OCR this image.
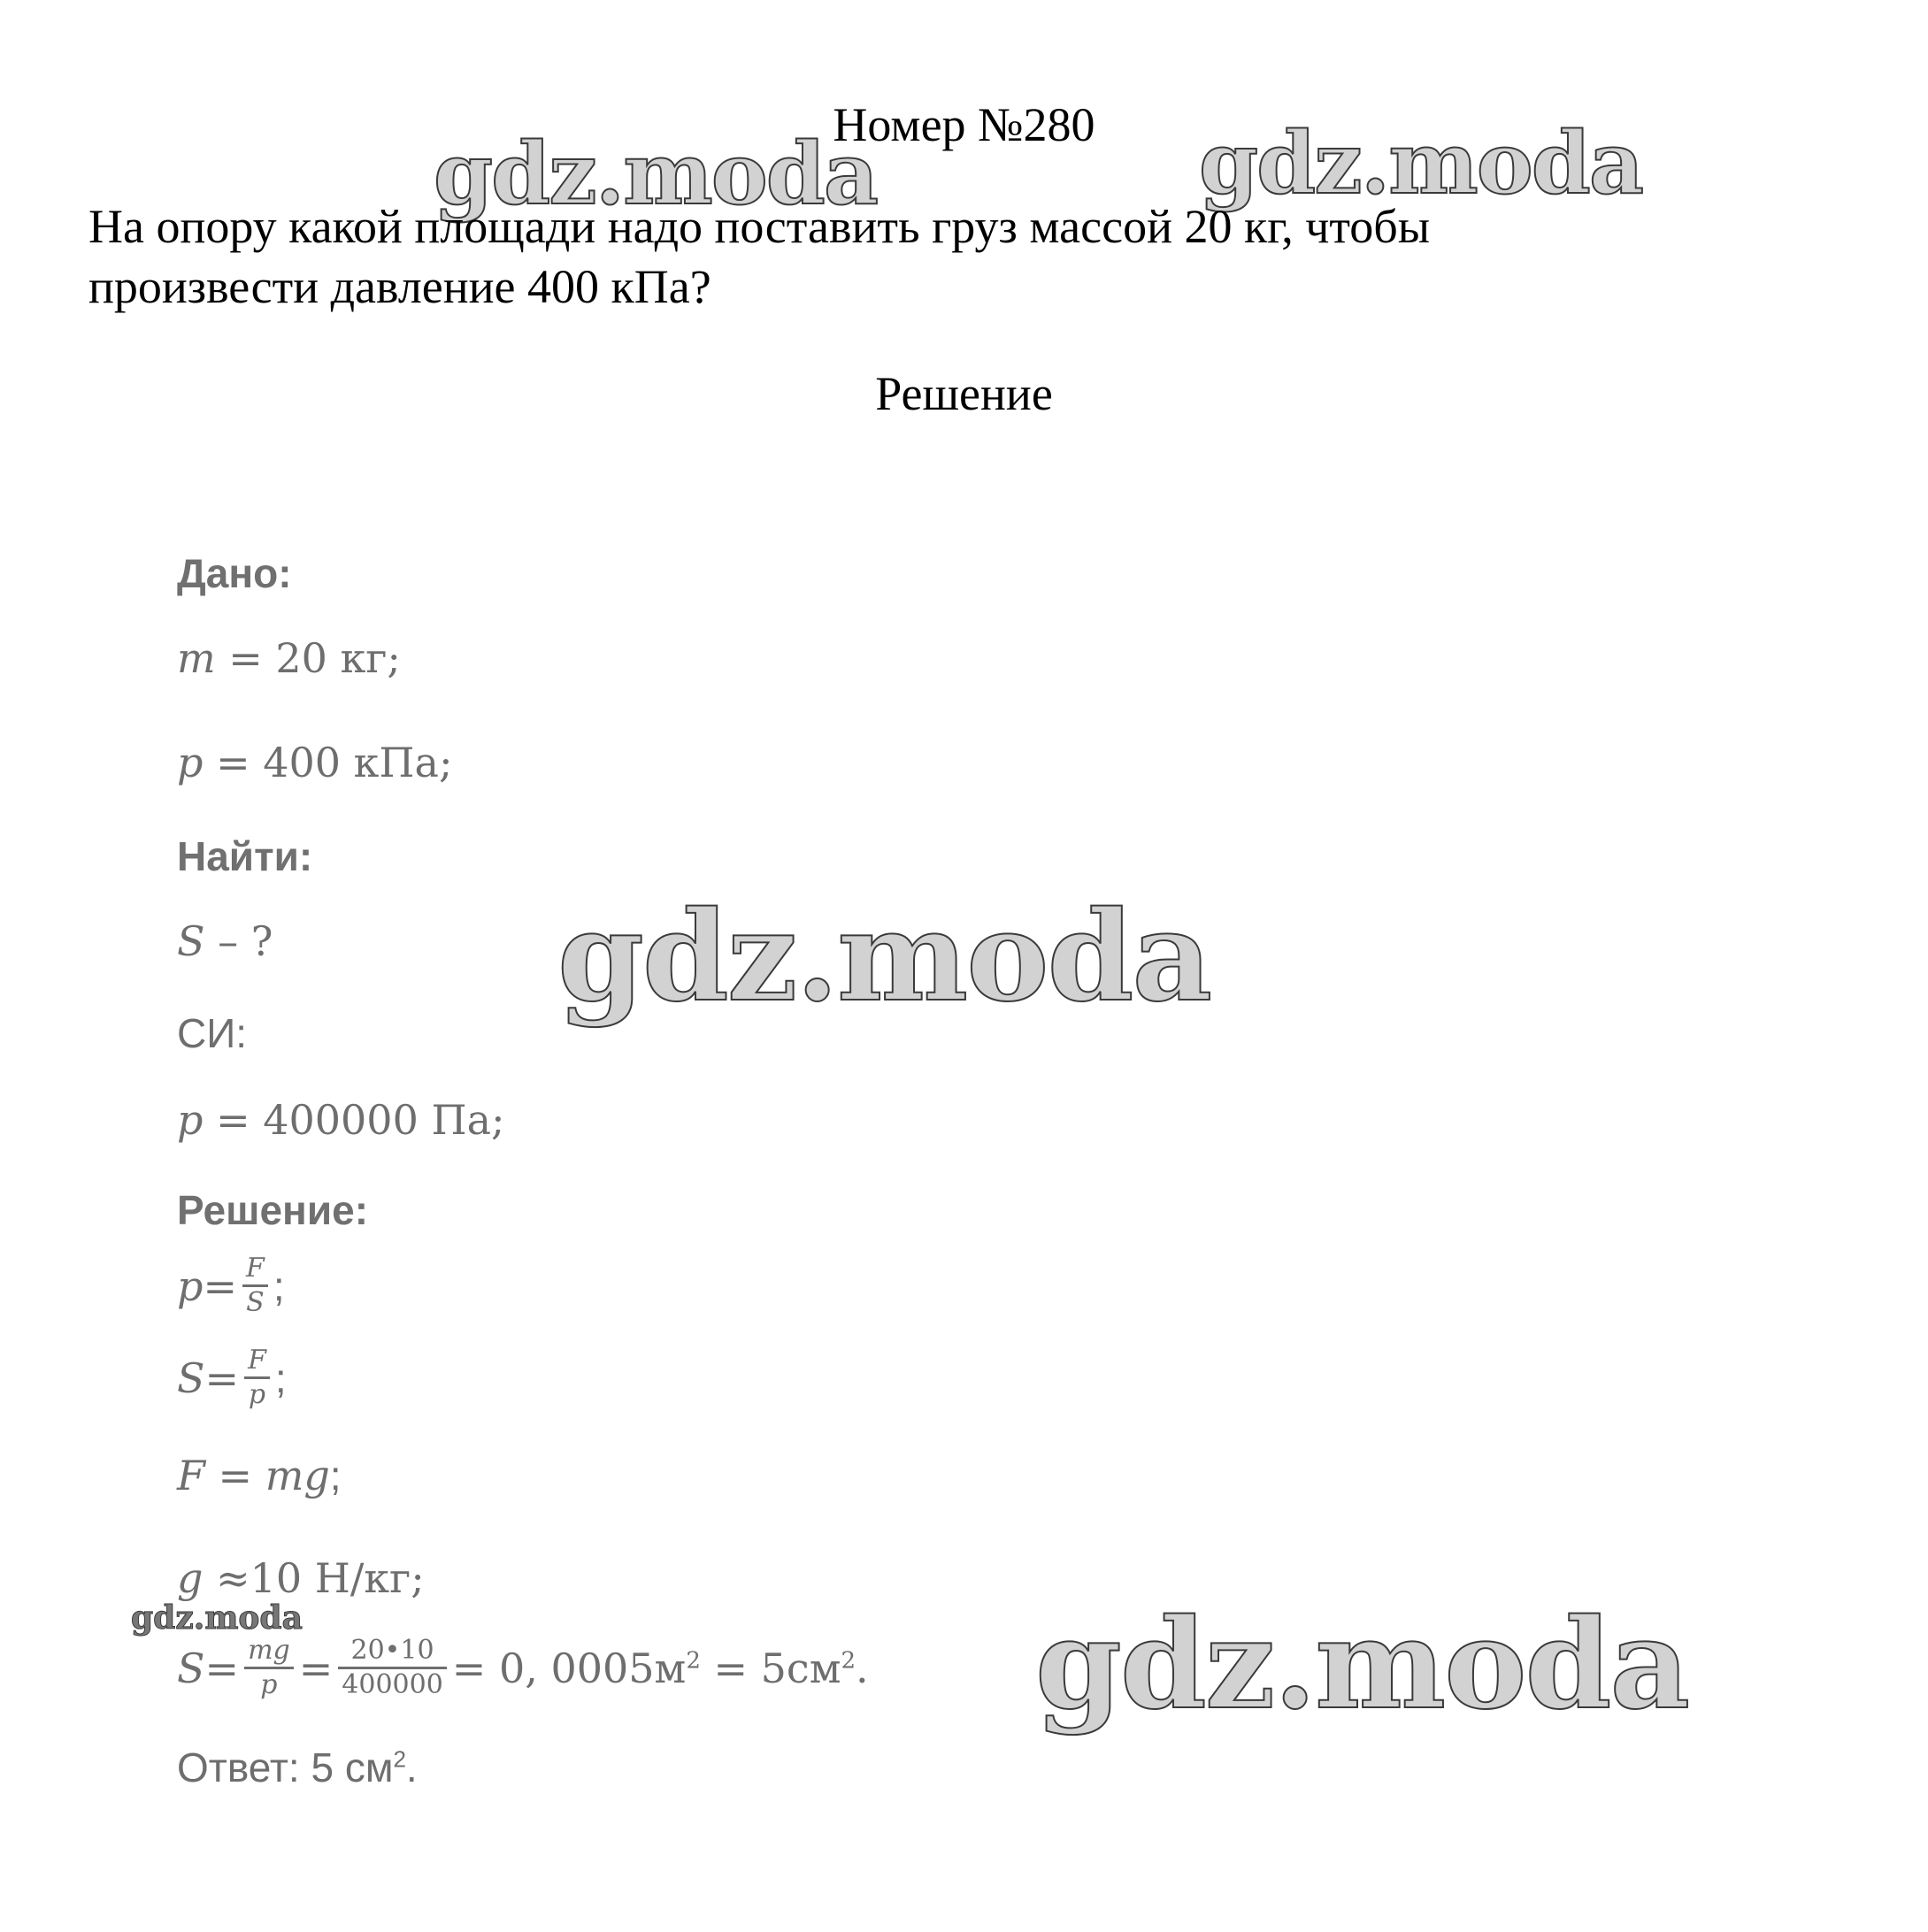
gdz.moda	gdz.moda
Номер №280
На опору какой площади надо поставить груз массой 20 кг, чтобы
произвести давление 400 кПа?
Решение
Дано:
m = 20 кг;
p = 400 кПа;
Найти:
S – ?
СИ:
p = 400000 Па;
Решение:
$p = \frac{F}{S}$ ;
$S = \frac{F}{p}$ ;
F = mg;
g ≈10 Н/кг;
gdz.moda
$S = \frac{mg}{p} = \frac{20•10}{400000} = 0$, $0005м^2 = 5см^2$.
Ответ: 5 $см^2$.
gdz.moda
gdz.moda
